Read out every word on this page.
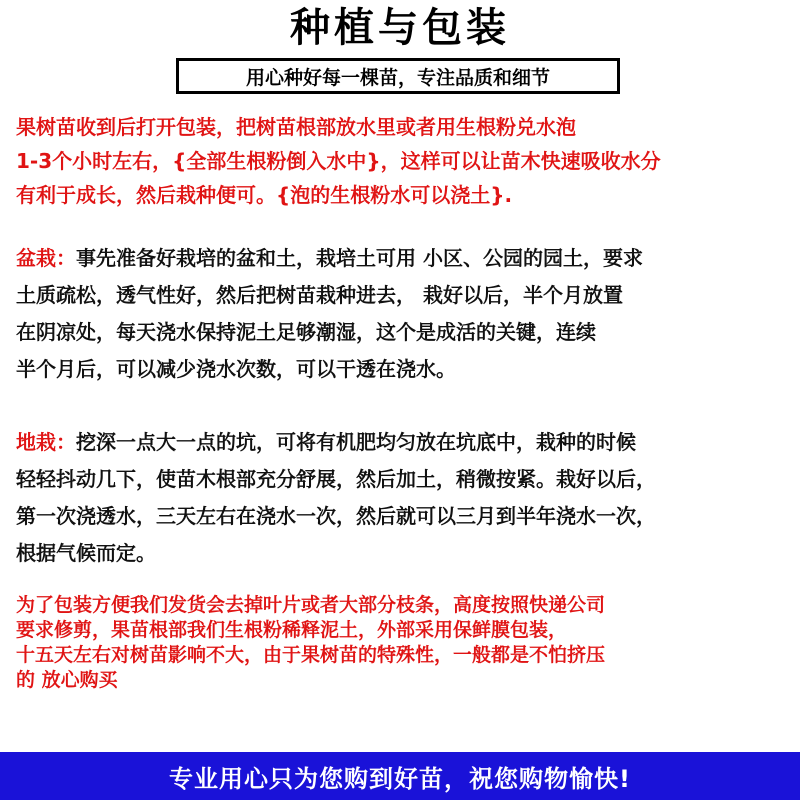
种植与包装
用心种好每一棵苗，专注品质和细节
果树苗收到后打开包装，把树苗根部放水里或者用生根粉兑水泡
1-3个小时左右，{全部生根粉倒入水中}，这样可以让苗木快速吸收水分
有利于成长，然后栽种便可。{泡的生根粉水可以浇土}.
盆栽：事先准备好栽培的盆和土，栽培土可用 小区、公园的园土，要求
土质疏松，透气性好，然后把树苗栽种进去， 栽好以后，半个月放置
在阴凉处，每天浇水保持泥土足够潮湿，这个是成活的关键，连续
半个月后，可以减少浇水次数，可以干透在浇水。
地栽：挖深一点大一点的坑，可将有机肥均匀放在坑底中，栽种的时候
轻轻抖动几下，使苗木根部充分舒展，然后加土，稍微按紧。栽好以后，
第一次浇透水，三天左右在浇水一次，然后就可以三月到半年浇水一次，
根据气候而定。
为了包装方便我们发货会去掉叶片或者大部分枝条，高度按照快递公司
要求修剪，果苗根部我们生根粉稀释泥土，外部采用保鲜膜包装，
十五天左右对树苗影响不大，由于果树苗的特殊性，一般都是不怕挤压
的 放心购买
专业用心只为您购到好苗，祝您购物愉快!
